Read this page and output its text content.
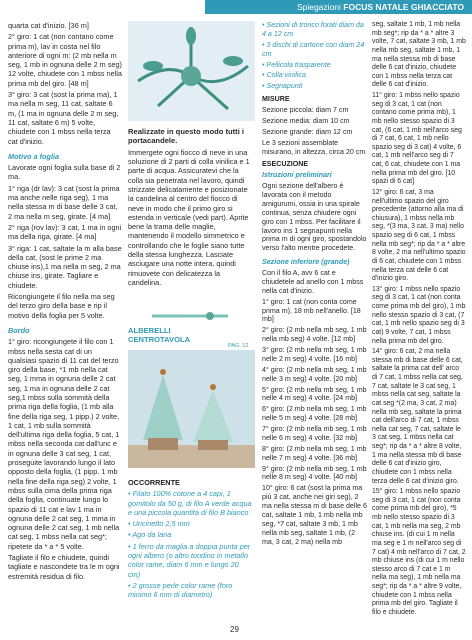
Spiegazioni FOCUS NATALE GHIACCIATO

quarta cat d'inizio. [36 m]

2° giro: 1 cat (non contano come prima m), lav in costa nel filo anteriore di ogni m: (2 mb nella m seg, 1 mb in ognuna delle 2 m seg) 12 volte, chiudete con 1 mbss nella prima mb del giro. [48 m]

3° giro: 3 cat (sost la prima ma), 1 ma nella m seg, 11 cat, saltate 6 m, (1 ma in ognuna delle 2 m seg, 11 cat, saltate 6 m) 5 volte, chiudete con 1 mbss nella terza cat d'inizio.

Motivo a foglia

Lavorate ogni foglia sulla base di 2 ma.

1° riga (dr lav): 3 cat (sost la prima ma anche nelle riga seg), 1 ma nella stessa m di base delle 3 cat, 2 ma nella m seg, girate. [4 mа]

2° riga (rov lav): 3 cat, 1 ma in ogni ma della riga, girate. [4 ma]

3° riga: 1 cat, saltate la m alla base della cat, (sost le prime 2 ma chiuse ins),1 ma nella m seg, 2 ma chiuse ins, girate. Tagliare e chiudete.

Ricongiungete il filo nella ma seg del terzo giro della base e rip il motivo della foglia per 5 volte.

Bordo

1° giro: ricongiungete il filo con 1 mbss nella sesta cat di un qualsiasi spazio di 11 cat del terzo giro della base, *1 mb nella cat seg, 1 mma in ognuna delle 2 cat seg, 1 ma in ognuna delle 2 cat seg,1 mbss sulla sommità della prima riga della foglia, (1 mb alla fine della riga seg, 1 pipp.) 2 volte, 1 cat, 1 mb sulla sommità dell'ultima riga della foglia, 5 cat, 1 mbss nella seconda cat dall'unc e in ognuna delle 3 cat seg, 1 cat, proseguite lavorando lungo il lato opposto della foglia, (1 pipp. 1 mb nella fine della riga seg) 2 volte, 1 mbss sulla cima della prima riga della foglia, continuate lungo lo spazio di 11 cat e lav 1 ma in ognuna delle 2 cat seg, 1 mma in ognuna delle 2 cat seg, 1 mb nella cat seg, 1 mbss nella cat seg*; ripetete da * a * 5 volte.

Tagliate il filo e chiudete, quindi tagliate e nascondete tra le m ogni estremità residua di filo.

Realizzate in questo modo tutti i portacandele.

Immergete ogni fiocco di neve in una soluzione di 2 parti di colla vinilica e 1 parte di acqua. Assicuratevi che la colla sia penetrata nel lavoro, quindi strizzate delicatamente e posizionate la candelina al centro del fiocco di neve in modo che il primo giro si estenda in verticale (vedi part). Aprite bene la trama delle maglie, mantenendo il modello simmetrico e controllando che le foglie siano tutte della stessa lunghezza. Lasciate asciugare una notte intera, quindi rimuovete con delicatezza la candelina.

ALBERELLI CENTROTAVOLA
PAG. 12

OCCORRENTE

• Filato 100% cotone a 4 capi, 1 gomitolo da 50 g, di filo A verde acqua e una piccola quantità di filo B bianco

• Uncinetto 2,5 mm

• Ago da lana

• 1 ferro da maglia a doppia punta per ogni albero (o altro tondino in metallo color rame, diam 6 mm e lungo 20 cm)

• 2 grosse perle color rame (foro minimo 6 mm di diametro)

• Sezioni di tronco forati diam da 4 a 12 cm

• 3 dischi di cartone con diam 24 cm

• Pellicola trasparente

• Colla vinilica

• Segnapunti

MISURE

Sezione piccola: diam 7 cm

Sezione media: diam 10 cm

Sezione grande: diam 12 cm

Le 3 sezioni assemblate misurano, in altezza, circa 20 cm

ESECUZIONE

Istruzioni preliminari

Ogni sezione dell'albero è lavorata con il metodo amigurumi, ossia in una spirale continua, senza chiudere ogni giro con 1 mbss. Per facilitare il lavoro ins 1 segnapunti nella prima m di ogni giro, spostandolo verso l'alto mentre procedete.

Sezione inferiore (grande)

Con il filo A, avv 6 cat e chiudetele ad anello con 1 mbss nella cat d'inizio.

1° giro: 1 cat (non conta come prima m), 18 mb nell'anello. [18 mb]

2° giro: (2 mb nella mb seg, 1 mb nella mb seg) 4 volte. [12 mb]

3° giro: (2 mb nella mb seg, 1 mb nelle 2 m seg) 4 volte. [16 mb]

4° giro: (2 mb nella mb seg, 1 mb nelle 3 m seg) 4 volte. [20 mb]

5° giro: (2 mb nella mb seg, 1 mb nelle 4 m seg) 4 volte. [24 mb]

6° giro: (2 mb nella mb seg, 1 mb nelle 5 m seg) 4 volte. [28 mb]

7° giro: (2 mb nella mb seg, 1 mb nelle 6 m seg) 4 volte. [32 mb]

8° giro: (2 mb nella mb seg, 1 mb nelle 7 m seg) 4 volte. [36 mb]

9° giro: (2 mb nella mb seg, 1 mb nelle 8 m seg) 4 volte. [40 mb]

10° giro: 6 cat (sost la prima ma più 3 cat, anche nei giri seg), 2 ma nella stessa m di base delle 6 cat, saltate 1 mb, 1 mb nella mb seg, *7 cat, saltate 3 mb, 1 mb nella mb seg, saltate 1 mb, (2 ma, 3 cat, 2 ma) nella mb

seg, saltate 1 mb, 1 mb nella mb seg*; rip da * a * altre 3 volte, 7 cat, saltate 3 mb, 1 mb nella mb seg, saltate 1 mb, 1 ma nella stessa mb di base delle 6 cat d'inizio, chiudete con 1 mbss nella terza cat delle 6 cat d'inizio.

11° giro: 1 mbss nello spazio seg di 3 cat, 1 cat (non contano come prima mb), 1 mb nello stesso spazio di 3 cat, (6 cat, 1 mb nell'arco seg di 7 cat, 6 cat, 1 mb nello spazio seg di 3 cat) 4 volte, 6 cat, 1 mb nell'arco seg di 7 cat, 6 cat, chiudete con 1 ma nella prima mb del giro. [10 spazi di 6 cat]

12° giro: 6 cat, 3 ma nell'ultimo spazio del giro precedente (attorno alla ma di chiusura), 1 mbss nella mb seg, *(3 ma, 3 cat, 3 ma) nello spazio seg di 6 cat, 1 mbss nella mb seg*; rip da * a * altre 8 volte, 2 ma nell'ultimo spazio di 6 cat, chiudete con 1 mbss nella terza cat delle 6 cat d'inizio giro.

13° giro: 1 mbss nello spazio seg di 3 cat, 1 cat (non conta come prima mb del giro), 1 mb nello stesso spazio di 3 cat, (7 cat, 1 mb nello spazio seg di 3 cat) 9 volte, 7 cat, 1 mbss nella prima mb del giro.

14° giro: 6 cat, 2 ma nella stessa mb di base delle 6 cat, saltate la prima cat dell' arco di 7 cat, 1 mbss nella cat seg, 7 cat, saltate le 3 cat seg, 1 mbss nella cat seg, saltate la cat seg *(2 ma, 3 cat, 2 ma) nella mb seg, saltate la prima cat dell'arco di 7 cat, 1 mbss nella cat seg, 7 cat, saltate le 3 cat seg, 1 mbss nella cat seg*; rip da * a * altre 8 volte, 1 ma nella stessa mb di base delle 6 cat d'inizio giro, chiudete con 1 mbss nella terza delle 6 cat d'inizio giro.

15° giro: 1 mbss nello spazio seg di 3 cat, 1 cat (non conta come prima mb del giro), *5 mb nello stesso spazio di 3 cat, 1 mb nella mа seg, 2 mb chiuse ins. (di cui 1 m nella ma seg e 1 m nell'arco seg di 7 cat) 4 mb nell'arco di 7 cat, 2 mb chiuse ins (di cui 1 m nello stesso arco di 7 cat e 1 m nella ma seg), 1 mb nella ma seg*; rip da * a * altre 9 volte, chiudete con 1 mbss nella prima mb del giro. Tagliate il filo e chiudete.

29
